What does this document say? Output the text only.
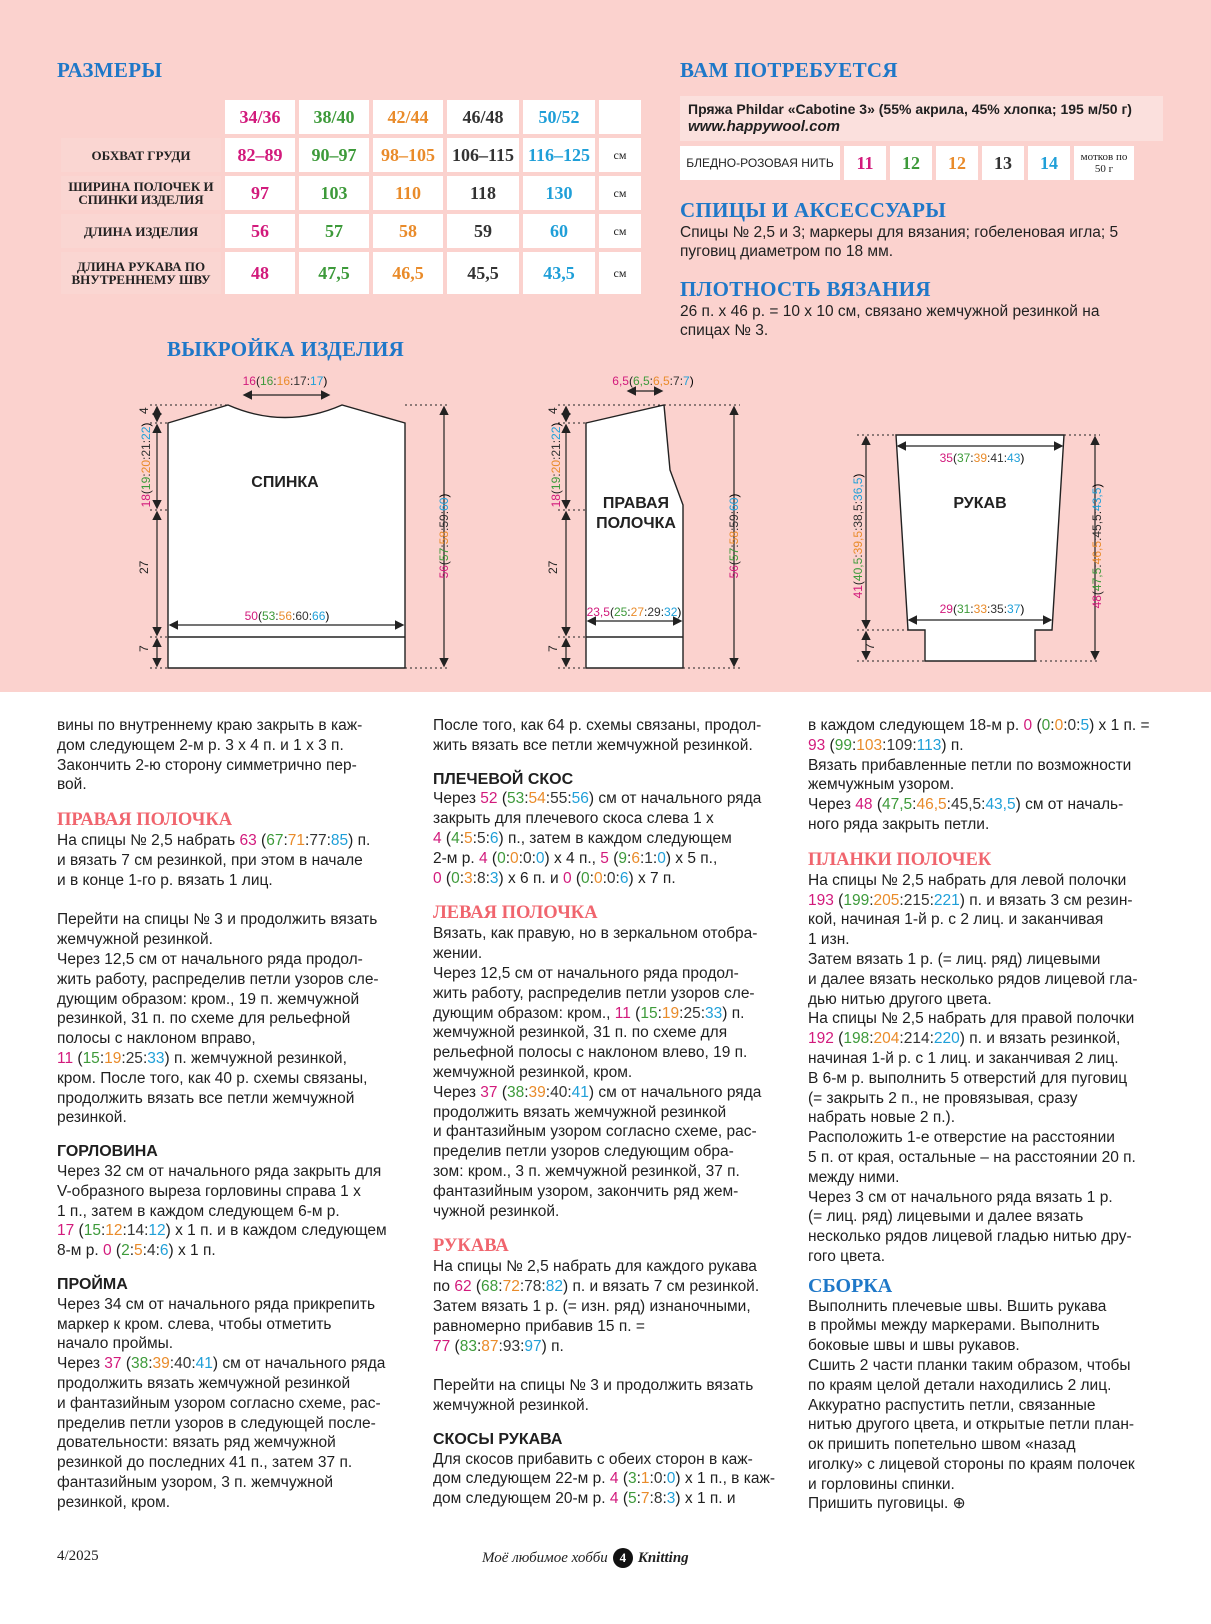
РАЗМЕРЫ
	34/36	38/40	42/44	46/48	50/52	
ОБХВАТ ГРУДИ	82–89	90–97	98–105	106–115	116–125	см
ШИРИНА ПОЛОЧЕК И СПИНКИ ИЗДЕЛИЯ	97	103	110	118	130	см
ДЛИНА ИЗДЕЛИЯ	56	57	58	59	60	см
ДЛИНА РУКАВА ПО ВНУТРЕННЕМУ ШВУ	48	47,5	46,5	45,5	43,5	см
ВАМ ПОТРЕБУЕТСЯ
Пряжа Phildar «Cabotine 3» (55% акрила, 45% хлопка; 195 м/50 г)
www.happywool.com
БЛЕДНО-РОЗОВАЯ НИТЬ	11	12	12	13	14	мотков по 50 г
СПИЦЫ И АКСЕССУАРЫ
Спицы № 2,5 и 3; маркеры для вязания; гобеленовая игла; 5 пуговиц диаметром по 18 мм.
ПЛОТНОСТЬ ВЯЗАНИЯ
26 п. х 46 р. = 10 х 10 см, связано жемчужной резинкой на спицах № 3.
ВЫКРОЙКА ИЗДЕЛИЯ
4
27
7
4
27
7	7
СПИНКА
ПРАВАЯ
ПОЛОЧКА
РУКАВ
16(16:16:17:17)
18(19:20:21:22)
56(57:58:59:60)
50(53:56:60:66)
6,5(6,5:6,5:7:7)
18(19:20:21:22)
56(57:58:59:60)
23,5(25:27:29:32)
35(37:39:41:43)
29(31:33:35:37)
41(40,5:39,5:38,5:36,5)
48(47,5:46,5:45,5:43,5)

вины по внутреннему краю закрыть в каж-
дом следующем 2-м р. 3 х 4 п. и 1 х 3 п.
Закончить 2-ю сторону симметрично пер-
вой.

ПРАВАЯ ПОЛОЧКА

На спицы № 2,5 набрать 63 (67:71:77:85) п.
и вязать 7 см резинкой, при этом в начале
и в конце 1-го р. вязать 1 лиц.

Перейти на спицы № 3 и продолжить вязать
жемчужной резинкой.
Через 12,5 см от начального ряда продол-
жить работу, распределив петли узоров сле-
дующим образом: кром., 19 п. жемчужной
резинкой, 31 п. по схеме для рельефной
полосы с наклоном вправо,
11 (15:19:25:33) п. жемчужной резинкой,
кром. После того, как 40 р. схемы связаны,
продолжить вязать все петли жемчужной
резинкой.

ГОРЛОВИНА

Через 32 см от начального ряда закрыть для
V-образного выреза горловины справа 1 х
1 п., затем в каждом следующем 6-м р.
17 (15:12:14:12) х 1 п. и в каждом следующем
8-м р. 0 (2:5:4:6) х 1 п.

ПРОЙМА

Через 34 см от начального ряда прикрепить
маркер к кром. слева, чтобы отметить
начало проймы.
Через 37 (38:39:40:41) см от начального ряда
продолжить вязать жемчужной резинкой
и фантазийным узором согласно схеме, рас-
пределив петли узоров в следующей после-
довательности: вязать ряд жемчужной
резинкой до последних 41 п., затем 37 п.
фантазийным узором, 3 п. жемчужной
резинкой, кром.

После того, как 64 р. схемы связаны, продол-
жить вязать все петли жемчужной резинкой.

ПЛЕЧЕВОЙ СКОС

Через 52 (53:54:55:56) см от начального ряда
закрыть для плечевого скоса слева 1 х
4 (4:5:5:6) п., затем в каждом следующем
2-м р. 4 (0:0:0:0) х 4 п., 5 (9:6:1:0) х 5 п.,
0 (0:3:8:3) х 6 п. и 0 (0:0:0:6) х 7 п.

ЛЕВАЯ ПОЛОЧКА

Вязать, как правую, но в зеркальном отобра-
жении.
Через 12,5 см от начального ряда продол-
жить работу, распределив петли узоров сле-
дующим образом: кром., 11 (15:19:25:33) п.
жемчужной резинкой, 31 п. по схеме для
рельефной полосы с наклоном влево, 19 п.
жемчужной резинкой, кром.
Через 37 (38:39:40:41) см от начального ряда
продолжить вязать жемчужной резинкой
и фантазийным узором согласно схеме, рас-
пределив петли узоров следующим обра-
зом: кром., 3 п. жемчужной резинкой, 37 п.
фантазийным узором, закончить ряд жем-
чужной резинкой.

РУКАВА

На спицы № 2,5 набрать для каждого рукава
по 62 (68:72:78:82) п. и вязать 7 см резинкой.
Затем вязать 1 р. (= изн. ряд) изнаночными,
равномерно прибавив 15 п. =
77 (83:87:93:97) п.

Перейти на спицы № 3 и продолжить вязать
жемчужной резинкой.

СКОСЫ РУКАВА

Для скосов прибавить с обеих сторон в каж-
дом следующем 22-м р. 4 (3:1:0:0) х 1 п., в каж-
дом следующем 20-м р. 4 (5:7:8:3) х 1 п. и

в каждом следующем 18-м р. 0 (0:0:0:5) х 1 п. =
93 (99:103:109:113) п.
Вязать прибавленные петли по возможности
жемчужным узором.
Через 48 (47,5:46,5:45,5:43,5) см от началь-
ного ряда закрыть петли.

ПЛАНКИ ПОЛОЧЕК

На спицы № 2,5 набрать для левой полочки
193 (199:205:215:221) п. и вязать 3 см резин-
кой, начиная 1-й р. с 2 лиц. и заканчивая
1 изн.
Затем вязать 1 р. (= лиц. ряд) лицевыми
и далее вязать несколько рядов лицевой гла-
дью нитью другого цвета.
На спицы № 2,5 набрать для правой полочки
192 (198:204:214:220) п. и вязать резинкой,
начиная 1-й р. с 1 лиц. и заканчивая 2 лиц.
В 6-м р. выполнить 5 отверстий для пуговиц
(= закрыть 2 п., не провязывая, сразу
набрать новые 2 п.).
Расположить 1-е отверстие на расстоянии
5 п. от края, остальные – на расстоянии 20 п.
между ними.
Через 3 см от начального ряда вязать 1 р.
(= лиц. ряд) лицевыми и далее вязать
несколько рядов лицевой гладью нитью дру-
гого цвета.

СБОРКА

Выполнить плечевые швы. Вшить рукава
в проймы между маркерами. Выполнить
боковые швы и швы рукавов.
Сшить 2 части планки таким образом, чтобы
по краям целой детали находились 2 лиц.
Аккуратно распустить петли, связанные
нитью другого цвета, и открытые петли план-
ок пришить попетельно швом «назад
иголку» с лицевой стороны по краям полочек
и горловины спинки.
Пришить пуговицы. ⊕

4/2025	Моё любимое хобби 4 Knitting
